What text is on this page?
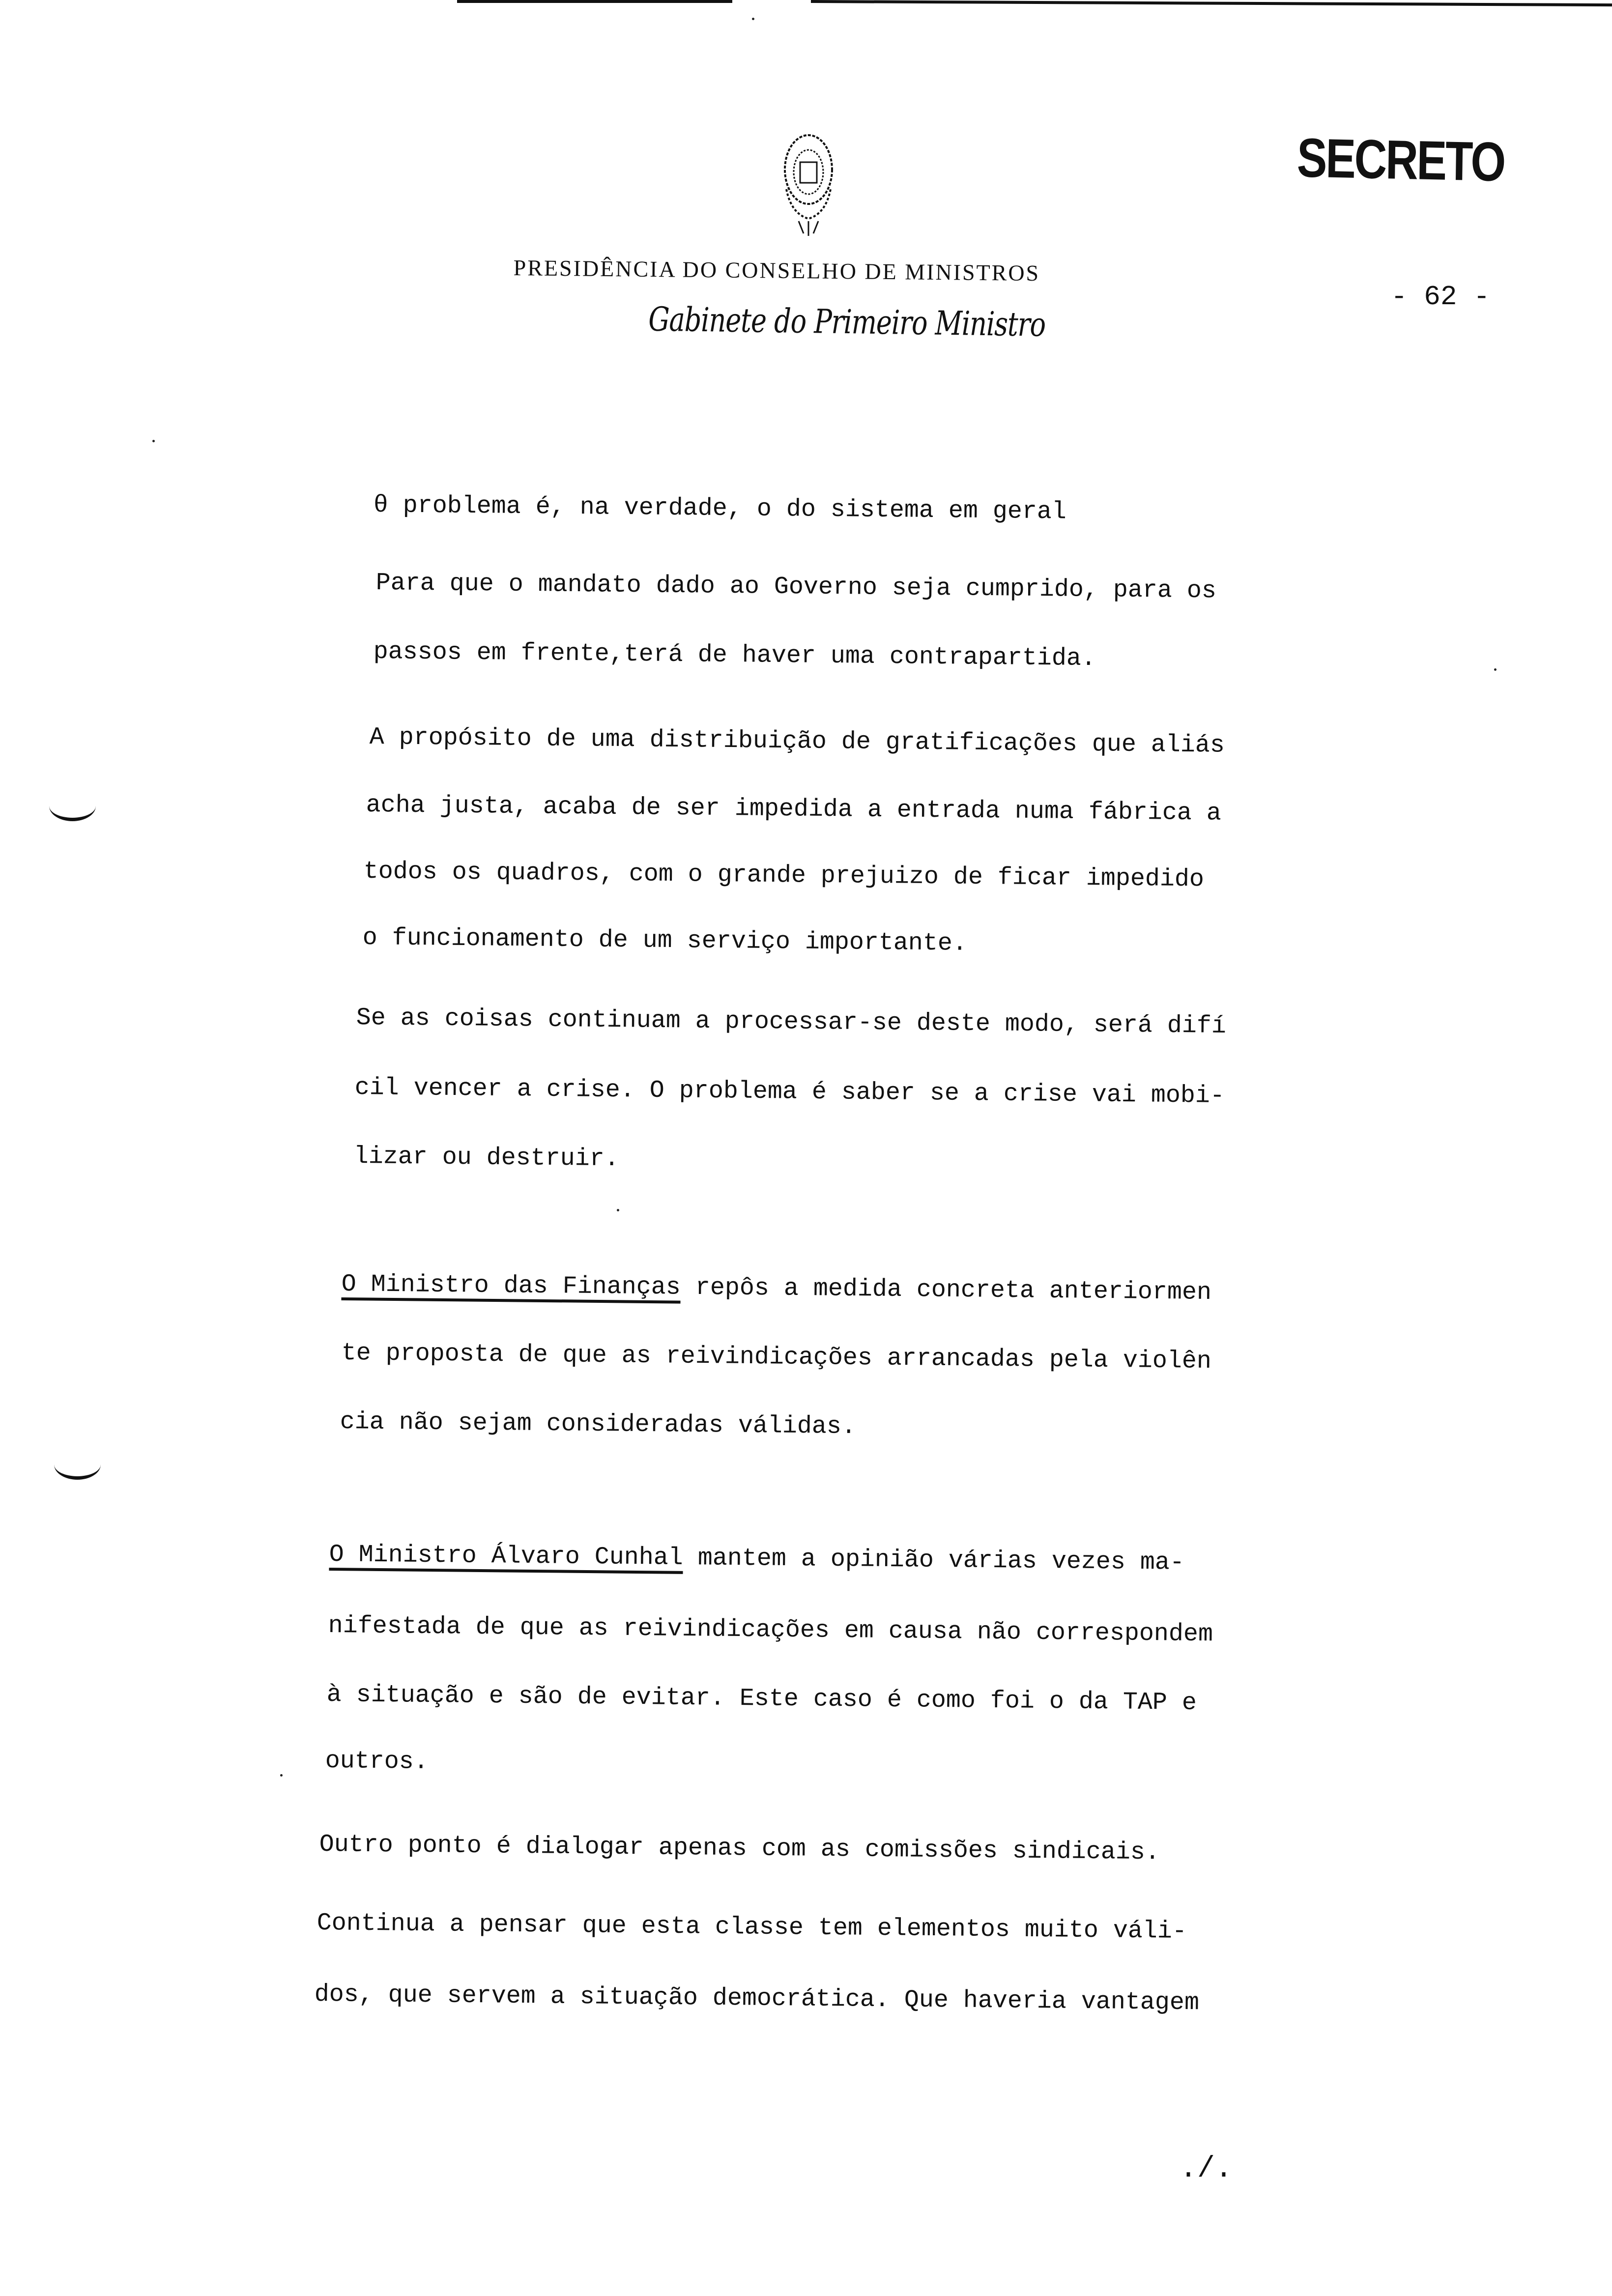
SECRETO
PRESIDÊNCIA DO CONSELHO DE MINISTROS
Gabinete do Primeiro Ministro
- 62 -
θ problema é, na verdade, o do sistema em geral
Para que o mandato dado ao Governo seja cumprido, para os
passos em frente,terá de haver uma contrapartida.
A propósito de uma distribuição de gratificações que aliás
acha justa, acaba de ser impedida a entrada numa fábrica a
todos os quadros, com o grande prejuizo de ficar impedido
o funcionamento de um serviço importante.
Se as coisas continuam a processar-se deste modo, será difí
cil vencer a crise. O problema é saber se a crise vai mobi-
lizar ou destruir.
O Ministro das Finanças repôs a medida concreta anteriormen
te proposta de que as reivindicações arrancadas pela violên
cia não sejam consideradas válidas.
O Ministro Álvaro Cunhal mantem a opinião várias vezes ma-
nifestada de que as reivindicações em causa não correspondem
à situação e são de evitar. Este caso é como foi o da TAP e
outros.
Outro ponto é dialogar apenas com as comissões sindicais.
Continua a pensar que esta classe tem elementos muito váli-
dos, que servem a situação democrática. Que haveria vantagem
./.
